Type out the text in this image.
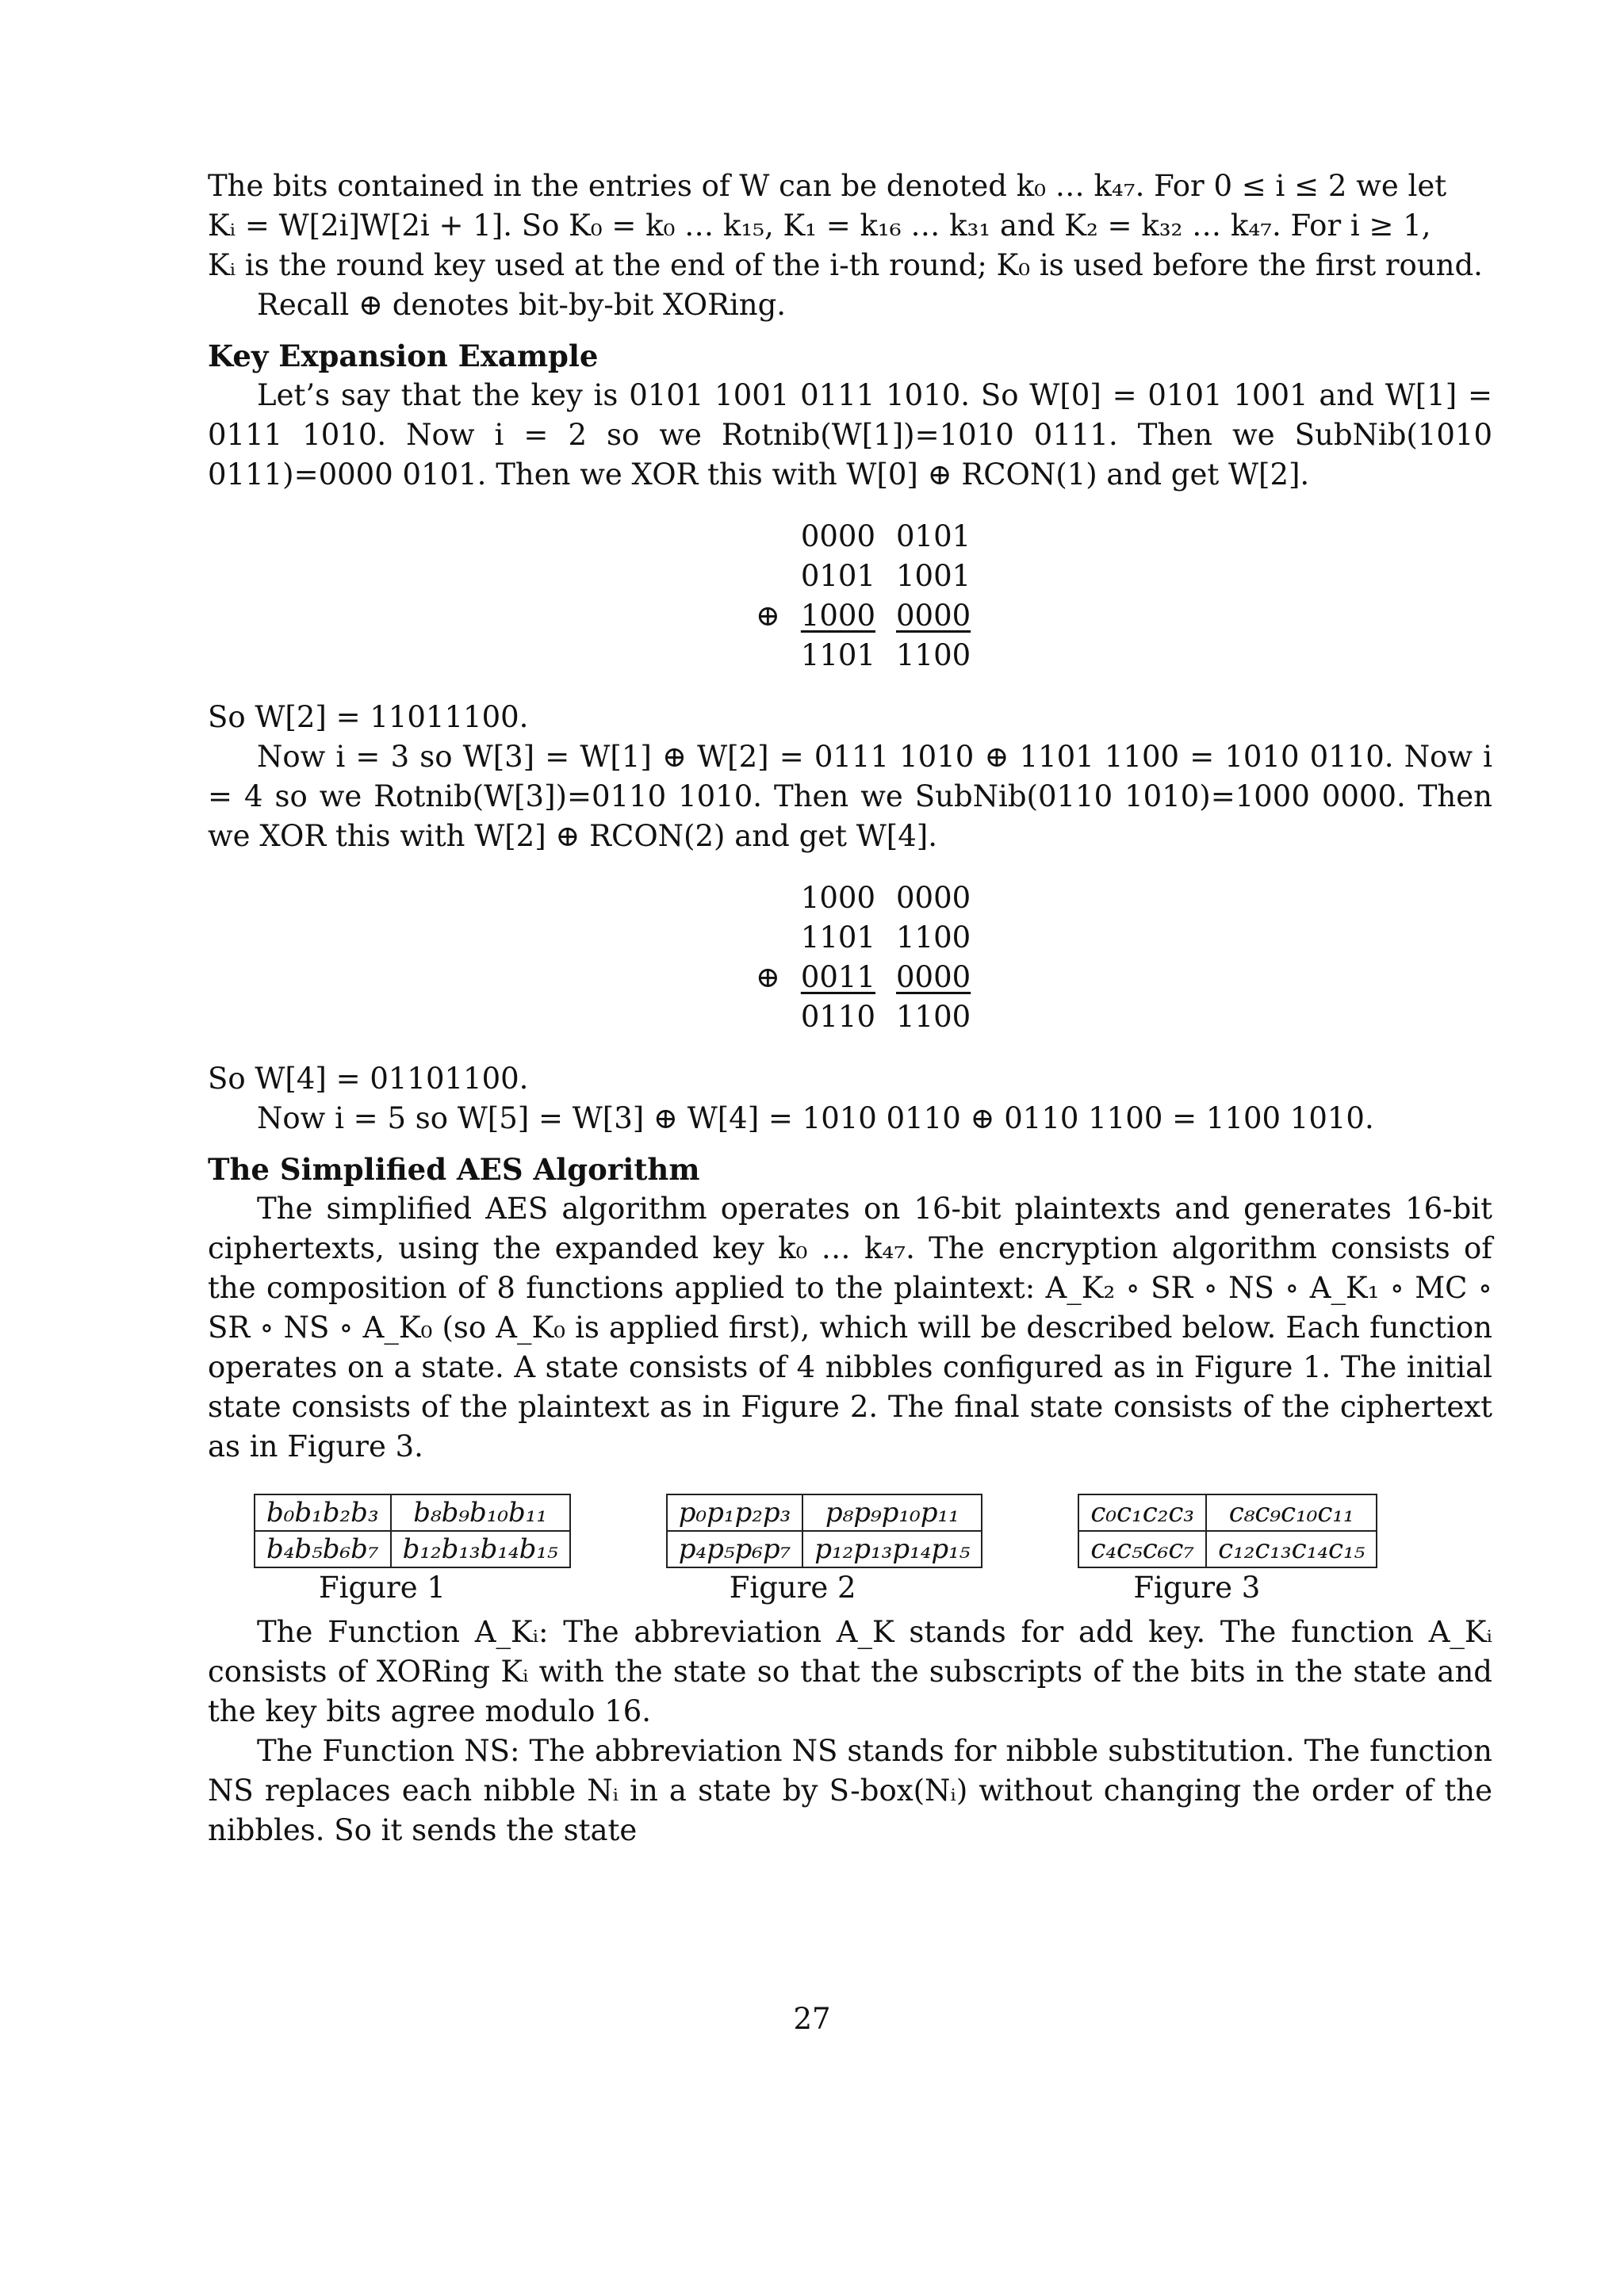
The bits contained in the entries of W can be denoted k₀ … k₄₇. For 0 ≤ i ≤ 2 we let
Kᵢ = W[2i]W[2i + 1]. So K₀ = k₀ … k₁₅, K₁ = k₁₆ … k₃₁ and K₂ = k₃₂ … k₄₇. For i ≥ 1,
Kᵢ is the round key used at the end of the i-th round; K₀ is used before the first round.

Recall ⊕ denotes bit-by-bit XORing.

Key Expansion Example

Let’s say that the key is 0101 1001 0111 1010. So W[0] = 0101 1001 and W[1] = 0111 1010. Now i = 2 so we Rotnib(W[1])=1010 0111. Then we SubNib(1010 0111)=0000 0101. Then we XOR this with W[0] ⊕ RCON(1) and get W[2].

0000 0101
0101 1001
⊕ 1000 0000
1101 1100

So W[2] = 11011100.

Now i = 3 so W[3] = W[1] ⊕ W[2] = 0111 1010 ⊕ 1101 1100 = 1010 0110. Now i = 4 so we Rotnib(W[3])=0110 1010. Then we SubNib(0110 1010)=1000 0000. Then we XOR this with W[2] ⊕ RCON(2) and get W[4].

1000 0000
1101 1100
⊕ 0011 0000
0110 1100

So W[4] = 01101100.

Now i = 5 so W[5] = W[3] ⊕ W[4] = 1010 0110 ⊕ 0110 1100 = 1100 1010.

The Simplified AES Algorithm

The simplified AES algorithm operates on 16-bit plaintexts and generates 16-bit ciphertexts, using the expanded key k₀ … k₄₇. The encryption algorithm consists of the composition of 8 functions applied to the plaintext: A_K₂ ∘ SR ∘ NS ∘ A_K₁ ∘ MC ∘ SR ∘ NS ∘ A_K₀ (so A_K₀ is applied first), which will be described below. Each function operates on a state. A state consists of 4 nibbles configured as in Figure 1. The initial state consists of the plaintext as in Figure 2. The final state consists of the ciphertext as in Figure 3.

b₀b₁b₂b₃	b₈b₉b₁₀b₁₁
b₄b₅b₆b₇	b₁₂b₁₃b₁₄b₁₅
Figure 1
p₀p₁p₂p₃	p₈p₉p₁₀p₁₁
p₄p₅p₆p₇	p₁₂p₁₃p₁₄p₁₅
Figure 2
c₀c₁c₂c₃	c₈c₉c₁₀c₁₁
c₄c₅c₆c₇	c₁₂c₁₃c₁₄c₁₅
Figure 3

The Function A_Kᵢ: The abbreviation A_K stands for add key. The function A_Kᵢ consists of XORing Kᵢ with the state so that the subscripts of the bits in the state and the key bits agree modulo 16.

The Function NS: The abbreviation NS stands for nibble substitution. The function NS replaces each nibble Nᵢ in a state by S-box(Nᵢ) without changing the order of the nibbles. So it sends the state

27
